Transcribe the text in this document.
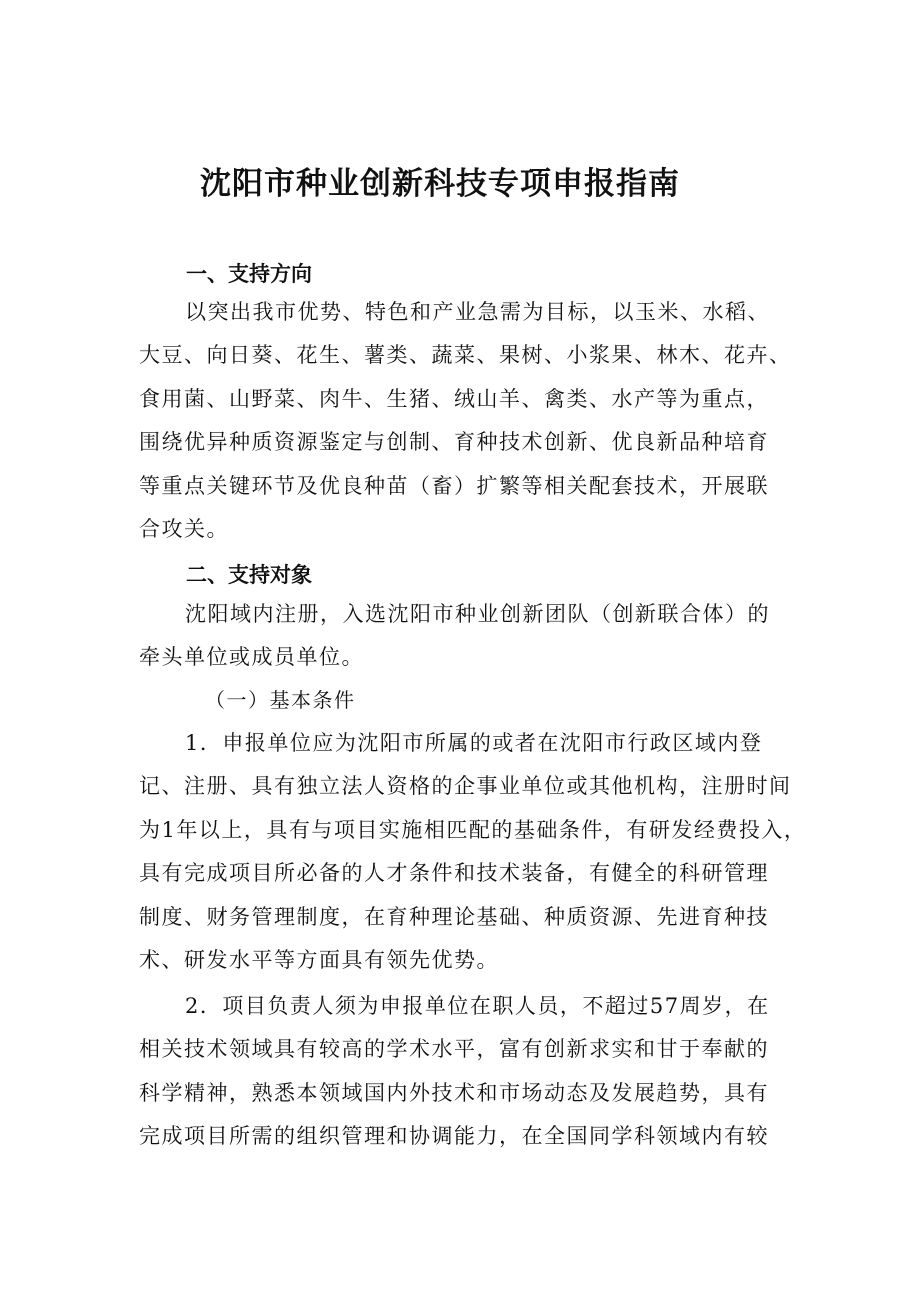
沈阳市种业创新科技专项申报指南
一、支持方向
以突出我市优势、特色和产业急需为目标，以玉米、水稻、
大豆、向日葵、花生、薯类、蔬菜、果树、小浆果、林木、花卉、
食用菌、山野菜、肉牛、生猪、绒山羊、禽类、水产等为重点，
围绕优异种质资源鉴定与创制、育种技术创新、优良新品种培育
等重点关键环节及优良种苗（畜）扩繁等相关配套技术，开展联
合攻关。
二、支持对象
沈阳域内注册，入选沈阳市种业创新团队（创新联合体）的
牵头单位或成员单位。

（一）基本条件

1．申报单位应为沈阳市所属的或者在沈阳市行政区域内登
记、注册、具有独立法人资格的企事业单位或其他机构，注册时间
为1年以上，具有与项目实施相匹配的基础条件，有研发经费投入，
具有完成项目所必备的人才条件和技术装备，有健全的科研管理
制度、财务管理制度，在育种理论基础、种质资源、先进育种技
术、研发水平等方面具有领先优势。
2．项目负责人须为申报单位在职人员，不超过57周岁，在
相关技术领域具有较高的学术水平，富有创新求实和甘于奉献的
科学精神，熟悉本领域国内外技术和市场动态及发展趋势，具有
完成项目所需的组织管理和协调能力，在全国同学科领域内有较
